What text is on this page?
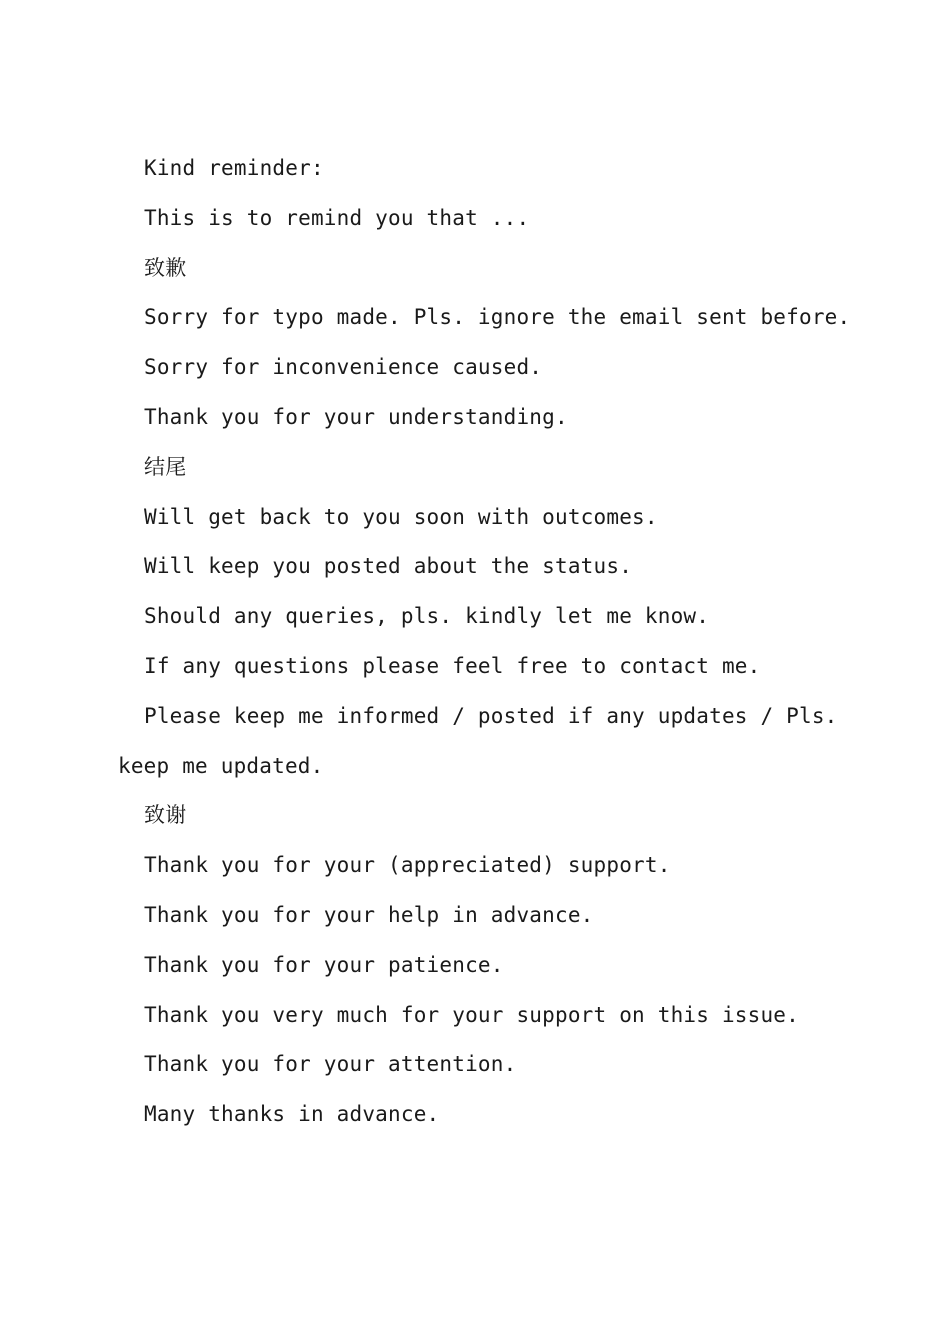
Kind reminder:

This is to remind you that ...

致歉

Sorry for typo made. Pls. ignore the email sent before.

Sorry for inconvenience caused.

Thank you for your understanding.

结尾

Will get back to you soon with outcomes.

Will keep you posted about the status.

Should any queries, pls. kindly let me know.

If any questions please feel free to contact me.

Please keep me informed / posted if any updates / Pls. keep me updated.

致谢

Thank you for your (appreciated) support.

Thank you for your help in advance.

Thank you for your patience.

Thank you very much for your support on this issue.

Thank you for your attention.

Many thanks in advance.
